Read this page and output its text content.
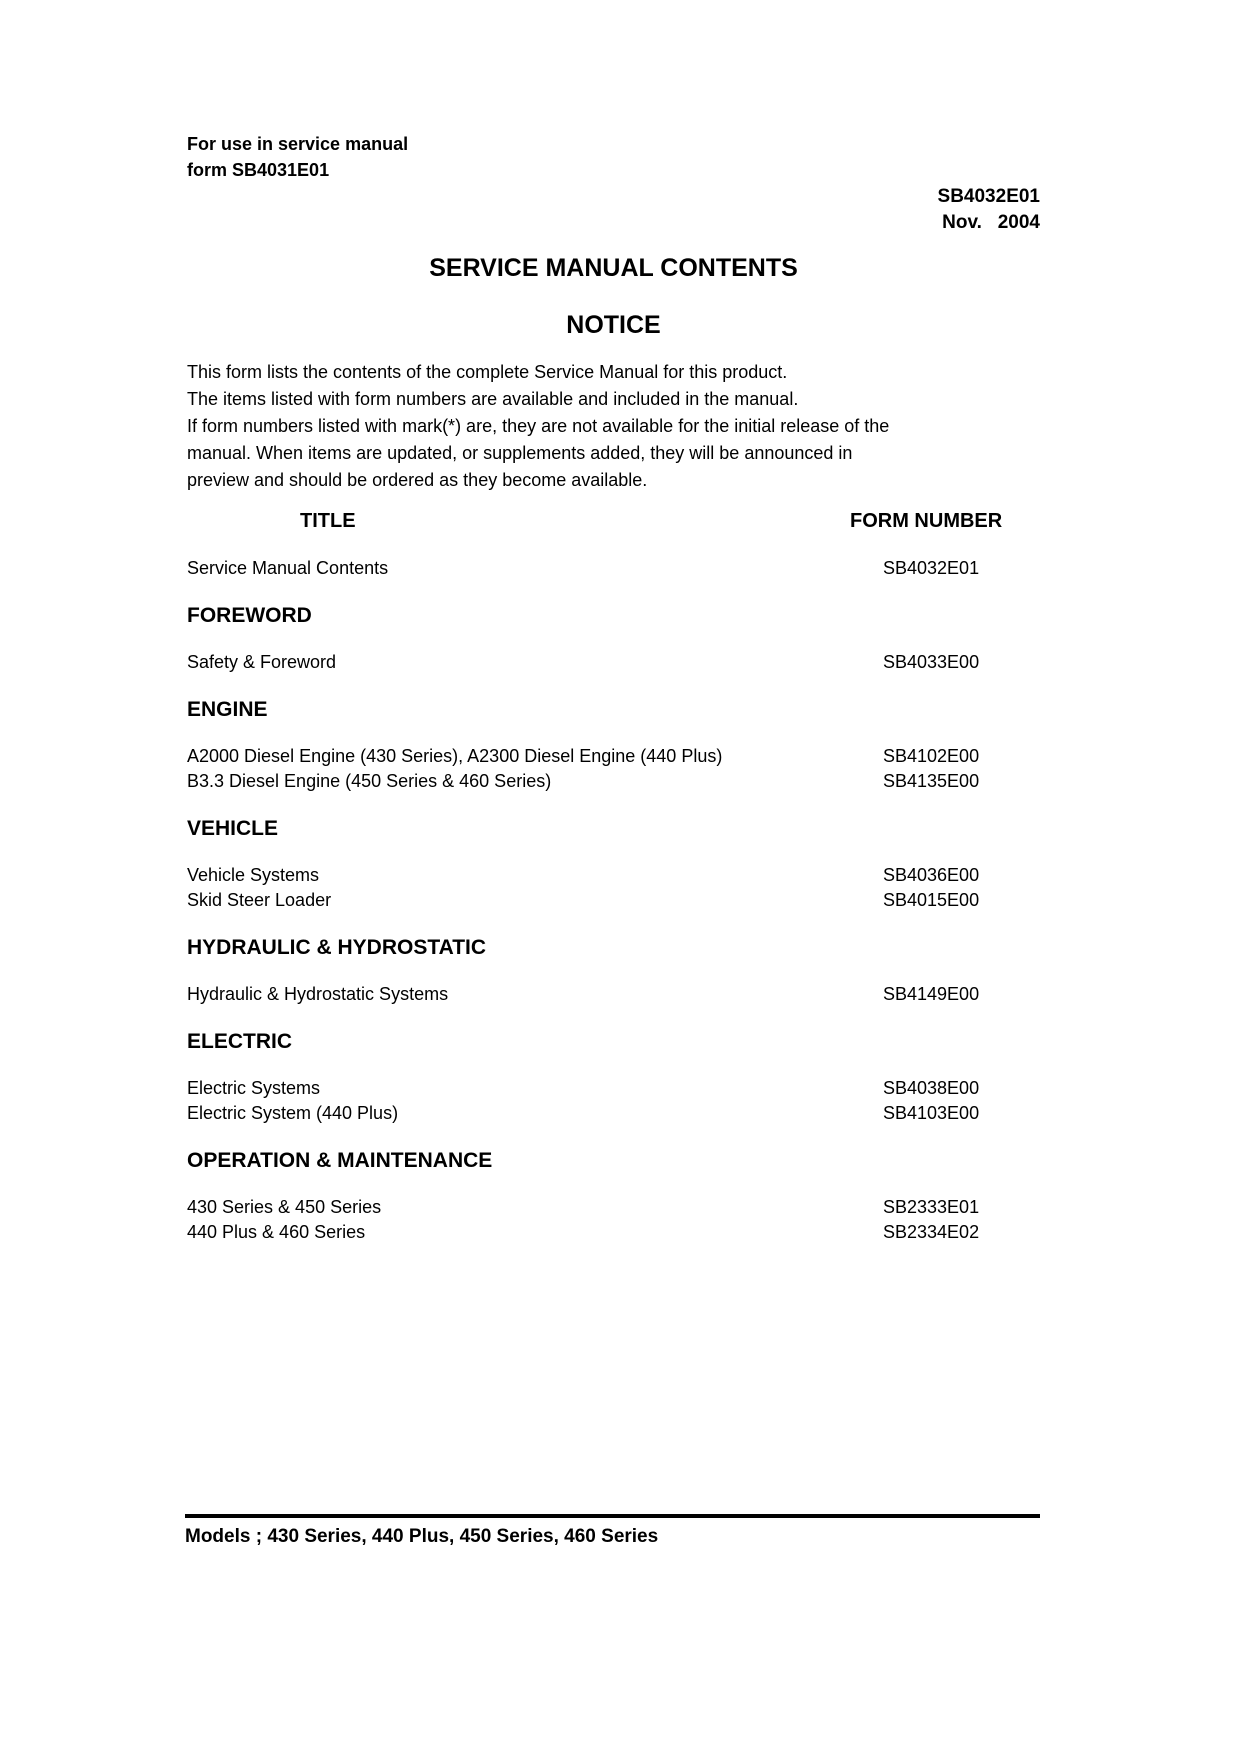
For use in service manual
form SB4031E01
SB4032E01
Nov.   2004
SERVICE MANUAL CONTENTS
NOTICE
This form lists the contents of the complete Service Manual for this product.
The items listed with form numbers are available and included in the manual.
If form numbers listed with mark(*) are, they are not available for the initial release of the
manual. When items are updated, or supplements added, they will be announced in
preview and should be ordered as they become available.
TITLE	FORM NUMBER
Service Manual Contents	SB4032E01
FOREWORD
Safety & Foreword	SB4033E00
ENGINE
A2000 Diesel Engine (430 Series), A2300 Diesel Engine (440 Plus)	SB4102E00
B3.3 Diesel Engine (450 Series & 460 Series)	SB4135E00
VEHICLE
Vehicle Systems	SB4036E00
Skid Steer Loader	SB4015E00
HYDRAULIC & HYDROSTATIC
Hydraulic & Hydrostatic Systems	SB4149E00
ELECTRIC
Electric Systems	SB4038E00
Electric System (440 Plus)	SB4103E00
OPERATION & MAINTENANCE
430 Series & 450 Series	SB2333E01
440 Plus & 460 Series	SB2334E02
Models ; 430 Series, 440 Plus, 450 Series, 460 Series
